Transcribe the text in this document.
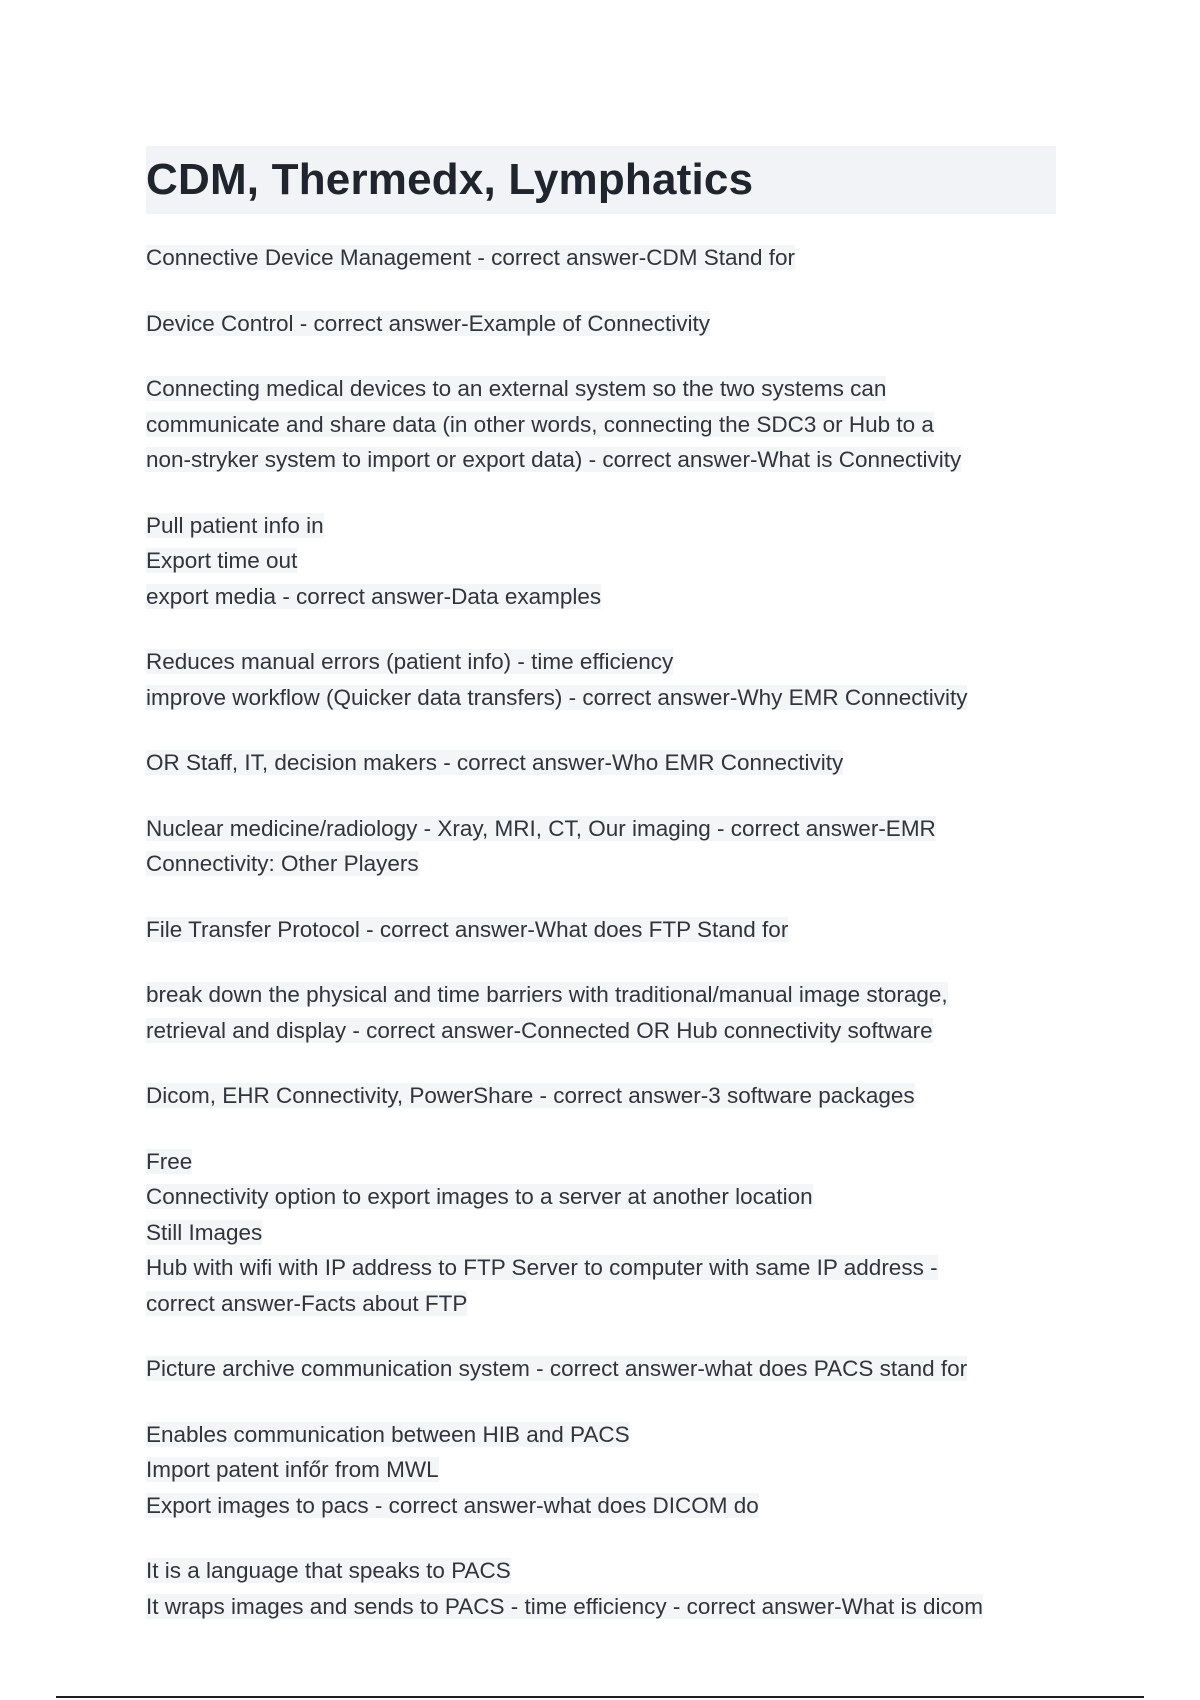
CDM, Thermedx, Lymphatics
Connective Device Management - correct answer-CDM Stand for
Device Control - correct answer-Example of Connectivity
Connecting medical devices to an external system so the two systems can
communicate and share data (in other words, connecting the SDC3 or Hub to a
non-stryker system to import or export data) - correct answer-What is Connectivity
Pull patient info in
Export time out
export media - correct answer-Data examples
Reduces manual errors (patient info) - time efficiency
improve workflow (Quicker data transfers) - correct answer-Why EMR Connectivity
OR Staff, IT, decision makers - correct answer-Who EMR Connectivity
Nuclear medicine/radiology - Xray, MRI, CT, Our imaging - correct answer-EMR
Connectivity: Other Players
File Transfer Protocol - correct answer-What does FTP Stand for
break down the physical and time barriers with traditional/manual image storage,
retrieval and display - correct answer-Connected OR Hub connectivity software
Dicom, EHR Connectivity, PowerShare - correct answer-3 software packages
Free
Connectivity option to export images to a server at another location
Still Images
Hub with wifi with IP address to FTP Server to computer with same IP address -
correct answer-Facts about FTP
Picture archive communication system - correct answer-what does PACS stand for
Enables communication between HIB and PACS
Import patent infőr from MWL
Export images to pacs - correct answer-what does DICOM do
It is a language that speaks to PACS
It wraps images and sends to PACS - time efficiency - correct answer-What is dicom
